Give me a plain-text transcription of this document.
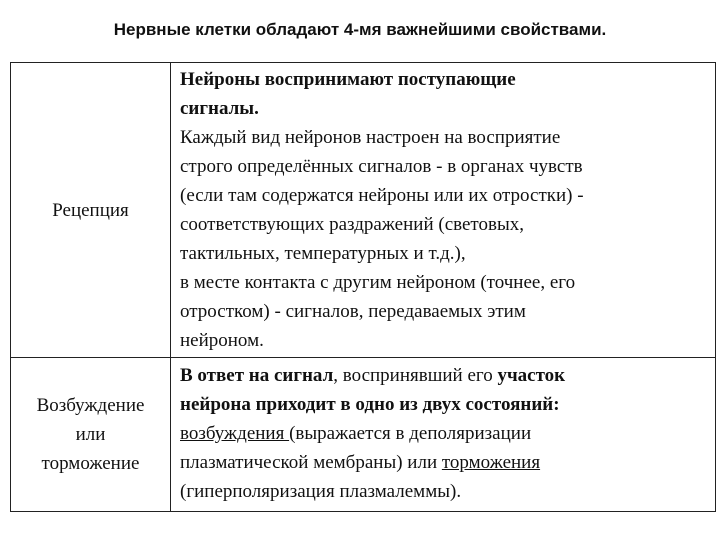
Нервные клетки обладают 4-мя важнейшими свойствами.
Рецепция
Нейроны воспринимают поступающие
сигналы.
Каждый вид нейронов настроен на восприятие
строго определённых сигналов - в органах чувств
(если там содержатся нейроны или их отростки) -
соответствующих раздражений (световых,
тактильных, температурных и т.д.),
в месте контакта с другим нейроном (точнее, его
отростком) - сигналов, передаваемых этим
нейроном.
Возбуждение
или
торможение
В ответ на сигнал, воспринявший его участок
нейрона приходит в одно из двух состояний:
возбуждения (выражается в деполяризации
плазматической мембраны) или торможения
(гиперполяризация плазмалеммы).
